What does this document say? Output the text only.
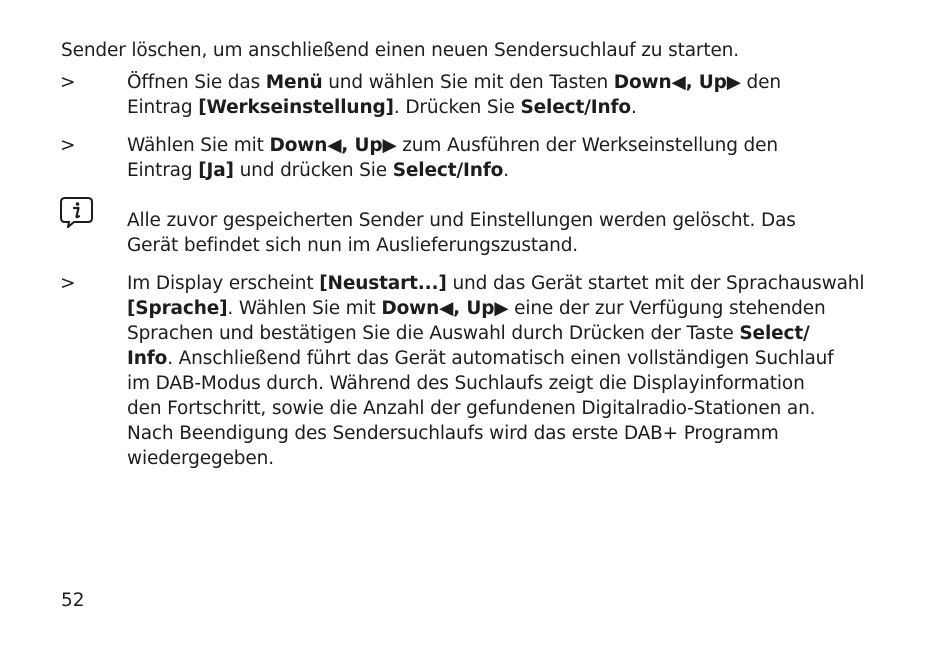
Sender löschen, um anschließend einen neuen Sendersuchlauf zu starten.
>	Öffnen Sie das Menü und wählen Sie mit den Tasten Down◀, Up▶ den
Eintrag [Werkseinstellung]. Drücken Sie Select/Info.
>	Wählen Sie mit Down◀, Up▶ zum Ausführen der Werkseinstellung den
Eintrag [Ja] und drücken Sie Select/Info.
Alle zuvor gespeicherten Sender und Einstellungen werden gelöscht. Das
Gerät befindet sich nun im Auslieferungszustand.
>	Im Display erscheint [Neustart...] und das Gerät startet mit der Sprachauswahl
[Sprache]. Wählen Sie mit Down◀, Up▶ eine der zur Verfügung stehenden
Sprachen und bestätigen Sie die Auswahl durch Drücken der Taste Select/
Info. Anschließend führt das Gerät automatisch einen vollständigen Suchlauf
im DAB-Modus durch. Während des Suchlaufs zeigt die Displayinformation
den Fortschritt, sowie die Anzahl der gefundenen Digitalradio-Stationen an.
Nach Beendigung des Sendersuchlaufs wird das erste DAB+ Programm
wiedergegeben.
52
